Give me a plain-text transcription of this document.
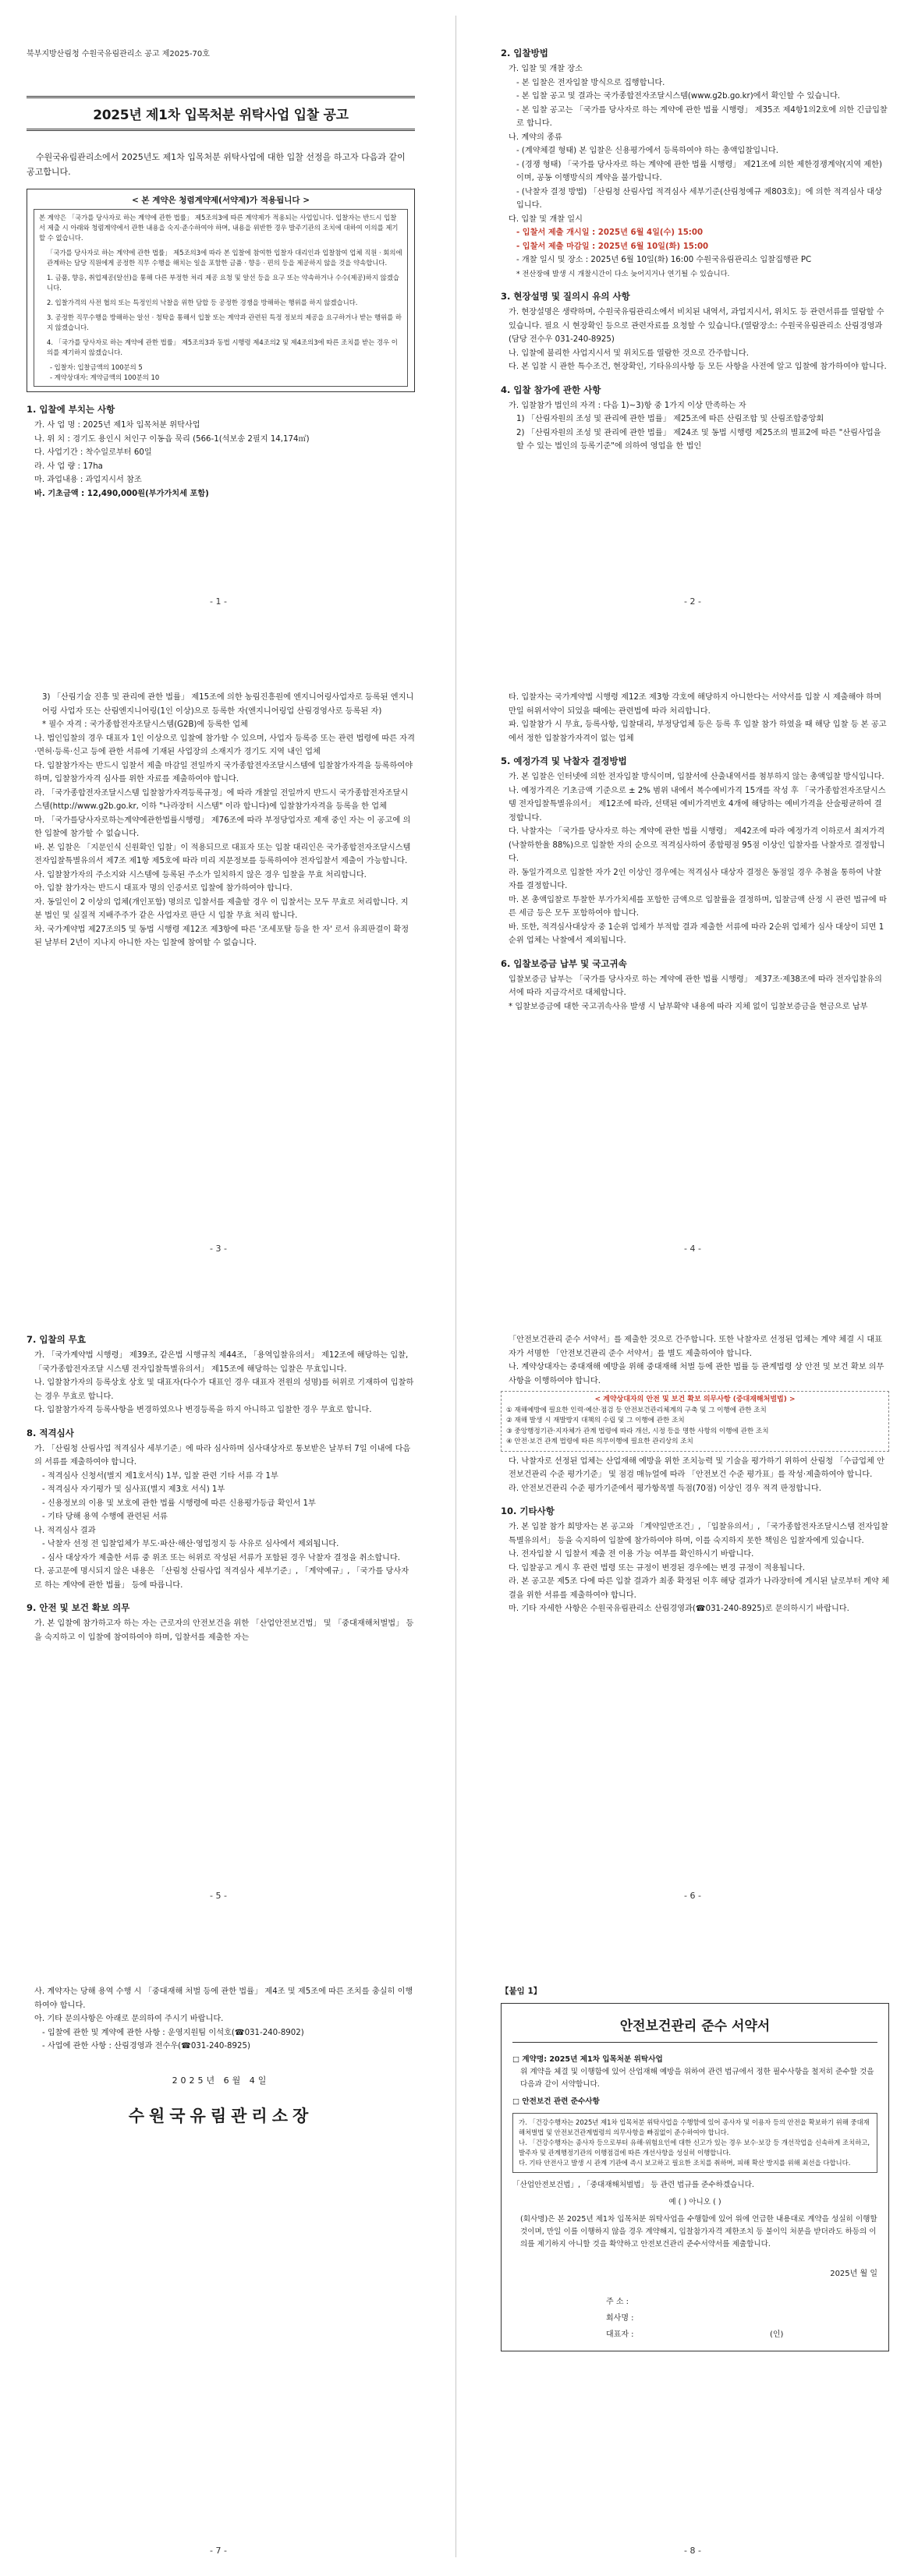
북부지방산림청 수원국유림관리소 공고 제2025-70호
2025년 제1차 입목처분 위탁사업 입찰 공고
수원국유림관리소에서 2025년도 제1차 입목처분 위탁사업에 대한 입찰 선정을 하고자 다음과 같이 공고합니다.
< 본 계약은 청렴계약제(서약제)가 적용됩니다 >
본 계약은 「국가를 당사자로 하는 계약에 관한 법률」 제5조의3에 따른 계약제가 적용되는 사업입니다. 입찰자는 반드시 입찰서 제출 시 아래와 청렴계약에서 관한 내용을 숙지·준수하여야 하며, 내용을 위반한 경우 발주기관의 조치에 대하여 이의를 제기할 수 없습니다.
「국가를 당사자로 하는 계약에 관한 법률」 제5조의3에 따라 본 입찰에 참여한 입찰자 대리인과 입찰참여 업체 직원 · 회의에 관계하는 담당 직원에게 공정한 직무 수행을 해치는 일을 포함한 금품 · 향응 · 편의 등을 제공하지 않을 것을 약속합니다.
1. 금품, 향응, 취업제공(알선)을 통해 다른 부정한 처리 제공 요청 및 알선 등을 요구 또는 약속하거나 수수(제공)하지 않겠습니다.
2. 입찰가격의 사전 협의 또는 특정인의 낙찰을 위한 담합 등 공정한 경쟁을 방해하는 행위를 하지 않겠습니다.
3. 공정한 직무수행을 방해하는 알선 · 청탁을 통해서 입찰 또는 계약과 관련된 특정 정보의 제공을 요구하거나 받는 행위를 하지 않겠습니다.
4. 「국가를 당사자로 하는 계약에 관한 법률」 제5조의3과 동법 시행령 제4조의2 및 제4조의3에 따른 조치를 받는 경우 이의를 제기하지 않겠습니다.
- 입찰자: 입찰금액의 100분의 5
- 계약상대자: 계약금액의 100분의 10
1. 입찰에 부치는 사항
가. 사 업 명 : 2025년 제1차 입목처분 위탁사업
나. 위 치 : 경기도 용인시 처인구 이동읍 묵리 (566-1(석보송 2필지 14,174㎡)
다. 사업기간 : 착수일로부터 60일
라. 사 업 량 : 17ha
마. 과업내용 : 과업지시서 참조
바. 기초금액 : 12,490,000원(부가가치세 포함)
- 1 -
2. 입찰방법
가. 입찰 및 개찰 장소
- 본 입찰은 전자입찰 방식으로 집행합니다.
- 본 입찰 공고 및 결과는 국가종합전자조달시스템(www.g2b.go.kr)에서 확인할 수 있습니다.
- 본 입찰 공고는 「국가를 당사자로 하는 계약에 관한 법률 시행령」 제35조 제4항1의2호에 의한 긴급입찰로 합니다.
나. 계약의 종류
- (계약체결 형태) 본 입찰은 신용평가에서 등록하여야 하는 총액입찰입니다.
- (경쟁 형태) 「국가를 당사자로 하는 계약에 관한 법률 시행령」 제21조에 의한 제한경쟁계약(지역 제한)이며, 공동 이행방식의 계약을 불가합니다.
- (낙찰자 결정 방법) 「산림청 산림사업 적격심사 세부기준(산림청예규 제803호)」에 의한 적격심사 대상입니다.
다. 입찰 및 개찰 일시
- 입찰서 제출 개시일 : 2025년 6월 4일(수) 15:00
- 입찰서 제출 마감일 : 2025년 6월 10일(화) 15:00
- 개찰 일시 및 장소 : 2025년 6월 10일(화) 16:00 수원국유림관리소 입찰집행관 PC
* 전산장애 발생 시 개찰시간이 다소 늦어지거나 연기될 수 있습니다.
3. 현장설명 및 질의시 유의 사항
가. 현장설명은 생략하며, 수원국유림관리소에서 비치된 내역서, 과업지시서, 위치도 등 관련서류를 열람할 수 있습니다. 필요 시 현장확인 등으로 관련자료를 요청할 수 있습니다.(열람장소: 수원국유림관리소 산림경영과(담당 전수우 031-240-8925)
나. 입찰에 불리한 사업지시서 및 위치도를 열람한 것으로 간주합니다.
다. 본 입찰 시 관한 특수조건, 현장확인, 기타유의사항 등 모든 사항을 사전에 알고 입찰에 참가하여야 합니다.
4. 입찰 참가에 관한 사항
가. 입찰참가 법인의 자격 : 다음 1)~3)항 중 1가지 이상 만족하는 자
1) 「산림자원의 조성 및 관리에 관한 법률」 제25조에 따른 산림조합 및 산림조합중앙회
2) 「산림자원의 조성 및 관리에 관한 법률」 제24조 및 동법 시행령 제25조의 별표2에 따른 "산림사업을 할 수 있는 법인의 등록기준"에 의하여 영업을 한 법인
- 2 -
3) 「산림기술 진흥 및 관리에 관한 법률」 제15조에 의한 농림진흥원에 엔지니어링사업자로 등록된 엔지니어링 사업자 또는 산림엔지니어링(1인 이상)으로 등록한 자(엔지니어링업 산림경영사로 등록된 자)
* 필수 자격 : 국가종합전자조달시스템(G2B)에 등록한 업체
나. 법인입찰의 경우 대표자 1인 이상으로 입찰에 참가할 수 있으며, 사업자 등록증 또는 관련 법령에 따른 자격·면허·등록·신고 등에 관한 서류에 기재된 사업장의 소재지가 경기도 지역 내인 업체
다. 입찰참가자는 반드시 입찰서 제출 마감일 전일까지 국가종합전자조달시스템에 입찰참가자격을 등록하여야 하며, 입찰참가자격 심사를 위한 자료를 제출하여야 합니다.
라. 「국가종합전자조달시스템 입찰참가자격등록규정」에 따라 개찰일 전일까지 반드시 국가종합전자조달시스템(http://www.g2b.go.kr, 이하 "나라장터 시스템" 이라 합니다)에 입찰참가자격을 등록을 한 업체
마. 「국가를당사자로하는계약에관한법률시행령」 제76조에 따라 부정당업자로 제재 중인 자는 이 공고에 의한 입찰에 참가할 수 없습니다.
바. 본 입찰은 「지문인식 신원확인 입찰」이 적용되므로 대표자 또는 입찰 대리인은 국가종합전자조달시스템 전자입찰특별유의서 제7조 제1항 제5호에 따라 미리 지문정보를 등록하여야 전자입찰서 제출이 가능합니다.
사. 입찰참가자의 주소지와 시스템에 등록된 주소가 일치하지 않은 경우 입찰을 무효 처리합니다.
아. 입찰 참가자는 반드시 대표자 명의 인증서로 입찰에 참가하여야 합니다.
자. 동일인이 2 이상의 업체(개인포함) 명의로 입찰서를 제출할 경우 이 입찰서는 모두 무효로 처리합니다. 지분 법인 및 실질적 지배주주가 같은 사업자로 판단 시 입찰 무효 처리 합니다.
차. 국가계약법 제27조의5 및 동법 시행령 제12조 제3항에 따른 '조세포탈 등을 한 자' 로서 유죄판결이 확정된 날부터 2년이 지나지 아니한 자는 입찰에 참여할 수 없습니다.
- 3 -
타. 입찰자는 국가계약법 시행령 제12조 제3항 각호에 해당하지 아니한다는 서약서를 입찰 시 제출해야 하며 만일 허위서약이 되었을 때에는 관련법에 따라 처리합니다.
파. 입찰참가 시 무효, 등록사항, 입찰대리, 부정당업체 등은 등록 후 입찰 참가 하였을 때 해당 입찰 등 본 공고에서 정한 입찰참가자격이 없는 업체
5. 예정가격 및 낙찰자 결정방법
가. 본 입찰은 인터넷에 의한 전자입찰 방식이며, 입찰서에 산출내역서를 첨부하지 않는 총액입찰 방식입니다.
나. 예정가격은 기초금액 기준으로 ± 2% 범위 내에서 복수예비가격 15개를 작성 후 「국가종합전자조달시스템 전자입찰특별유의서」 제12조에 따라, 선택된 예비가격번호 4개에 해당하는 예비가격을 산술평균하여 결정합니다.
다. 낙찰자는 「국가를 당사자로 하는 계약에 관한 법률 시행령」 제42조에 따라 예정가격 이하로서 최저가격(낙찰하한율 88%)으로 입찰한 자의 순으로 적격심사하여 종합평점 95점 이상인 입찰자를 낙찰자로 결정합니다.
라. 동일가격으로 입찰한 자가 2인 이상인 경우에는 적격심사 대상자 결정은 동점일 경우 추첨을 통하여 낙찰자를 결정합니다.
마. 본 총액입찰로 투찰한 부가가치세를 포함한 금액으로 입찰률을 결정하며, 입찰금액 산정 시 관련 법규에 따른 세금 등은 모두 포함하여야 합니다.
바. 또한, 적격심사대상자 중 1순위 업체가 부적합 결과 제출한 서류에 따라 2순위 업체가 심사 대상이 되면 1순위 업체는 낙찰에서 제외됩니다.
6. 입찰보증금 납부 및 국고귀속
입찰보증금 납부는 「국가를 당사자로 하는 계약에 관한 법률 시행령」 제37조·제38조에 따라 전자입찰유의서에 따라 지급각서로 대체합니다.
* 입찰보증금에 대한 국고귀속사유 발생 시 납부확약 내용에 따라 지체 없이 입찰보증금을 현금으로 납부
- 4 -
7. 입찰의 무효
가. 「국가계약법 시행령」 제39조, 같은법 시행규칙 제44조, 「용역입찰유의서」 제12조에 해당하는 입찰, 「국가종합전자조달 시스템 전자입찰특별유의서」 제15조에 해당하는 입찰은 무효입니다.
나. 입찰참가자의 등록상호 상호 및 대표자(다수가 대표인 경우 대표자 전원의 성명)를 허위로 기재하여 입찰하는 경우 무효로 합니다.
다. 입찰참가자격 등록사항을 변경하였으나 변경등록을 하지 아니하고 입찰한 경우 무효로 합니다.
8. 적격심사
가. 「산림청 산림사업 적격심사 세부기준」에 따라 심사하며 심사대상자로 통보받은 날부터 7일 이내에 다음의 서류를 제출하여야 합니다.
- 적격심사 신청서(별지 제1호서식) 1부, 입찰 관련 기타 서류 각 1부
- 적격심사 자기평가 및 심사표(별지 제3호 서식) 1부
- 신용정보의 이용 및 보호에 관한 법률 시행령에 따른 신용평가등급 확인서 1부
- 기타 당해 용역 수행에 관련된 서류
나. 적격심사 결과
- 낙찰자 선정 전 입찰업체가 부도·파산·해산·영업정지 등 사유로 심사에서 제외됩니다.
- 심사 대상자가 제출한 서류 중 위조 또는 허위로 작성된 서류가 포함된 경우 낙찰자 결정을 취소합니다.
다. 공고문에 명시되지 않은 내용은 「산림청 산림사업 적격심사 세부기준」, 「계약예규」, 「국가를 당사자로 하는 계약에 관한 법률」 등에 따릅니다.
9. 안전 및 보건 확보 의무
가. 본 입찰에 참가하고자 하는 자는 근로자의 안전보건을 위한 「산업안전보건법」 및 「중대재해처벌법」 등을 숙지하고 이 입찰에 참여하여야 하며, 입찰서를 제출한 자는
- 5 -
「안전보건관리 준수 서약서」를 제출한 것으로 간주합니다. 또한 낙찰자로 선정된 업체는 계약 체결 시 대표자가 서명한 「안전보건관리 준수 서약서」를 별도 제출하여야 합니다.
나. 계약상대자는 중대재해 예방을 위해 중대재해 처벌 등에 관한 법률 등 관계법령 상 안전 및 보건 확보 의무사항을 이행하여야 합니다.
< 계약상대자의 안전 및 보건 확보 의무사항 (중대재해처벌법) >
① 재해예방에 필요한 인력·예산·점검 등 안전보건관리체계의 구축 및 그 이행에 관한 조치
② 재해 발생 시 재발방지 대책의 수립 및 그 이행에 관한 조치
③ 중앙행정기관·지자체가 관계 법령에 따라 개선, 시정 등을 명한 사항의 이행에 관한 조치
④ 안전·보건 관계 법령에 따른 의무이행에 필요한 관리상의 조치
다. 낙찰자로 선정된 업체는 산업재해 예방을 위한 조치능력 및 기술을 평가하기 위하여 산림청 「수급업체 안전보건관리 수준 평가기준」 및 점검 매뉴얼에 따라 「안전보건 수준 평가표」를 작성·제출하여야 합니다.
라. 안전보건관리 수준 평가기준에서 평가항목별 득점(70점) 이상인 경우 적격 판정합니다.
10. 기타사항
가. 본 입찰 참가 희망자는 본 공고와 「계약일반조건」, 「입찰유의서」, 「국가종합전자조달시스템 전자입찰특별유의서」 등을 숙지하여 입찰에 참가하여야 하며, 이를 숙지하지 못한 책임은 입찰자에게 있습니다.
나. 전자입찰 시 입찰서 제출 전 이용 가능 여부를 확인하시기 바랍니다.
다. 입찰공고 게시 후 관련 법령 또는 규정이 변경된 경우에는 변경 규정이 적용됩니다.
라. 본 공고문 제5조 다에 따른 입찰 결과가 최종 확정된 이후 해당 결과가 나라장터에 게시된 날로부터 계약 체결을 위한 서류를 제출하여야 합니다.
마. 기타 자세한 사항은 수원국유림관리소 산림경영과(☎031-240-8925)로 문의하시기 바랍니다.
- 6 -
사. 계약자는 당해 용역 수행 시 「중대재해 처벌 등에 관한 법률」 제4조 및 제5조에 따른 조치를 충실히 이행하여야 합니다.
아. 기타 문의사항은 아래로 문의하여 주시기 바랍니다.
- 입찰에 관한 및 계약에 관한 사항 : 운영지원팀 이석호(☎031-240-8902)
- 사업에 관한 사항 : 산림경영과 전수우(☎031-240-8925)
2025년 6월 4일
수원국유림관리소장
- 7 -
【붙임 1】
안전보건관리 준수 서약서
□ 계약명: 2025년 제1차 입목처분 위탁사업
위 계약을 체결 및 이행함에 있어 산업재해 예방을 위하여 관련 법규에서 정한 필수사항을 철저히 준수할 것을 다음과 같이 서약합니다.
□ 안전보건 관련 준수사항
가. 「건강수행자는 2025년 제1차 입목처분 위탁사업을 수행함에 있어 종사자 및 이용자 등의 안전을 확보하기 위해 중대재해처벌법 및 안전보건관계법령의 의무사항을 빠짐없이 준수하여야 합니다.
나. 「건강수행자는 종사자 등으로부터 유해·위험요인에 대한 신고가 있는 경우 보수·보강 등 개선작업을 신속하게 조치하고, 발주자 및 관계행정기관의 이행점검에 따른 개선사항을 성실히 이행합니다.
다. 기타 안전사고 발생 시 관계 기관에 즉시 보고하고 필요한 조치를 취하며, 피해 확산 방지를 위해 최선을 다합니다.
「산업안전보건법」, 「중대재해처벌법」 등 관련 법규를 준수하겠습니다.
예 ( ) 아니오 ( )
(회사명)은 본 2025년 제1차 입목처분 위탁사업을 수행함에 있어 위에 언급한 내용대로 계약을 성실히 이행할 것이며, 만일 이를 이행하지 않을 경우 계약해지, 입찰참가자격 제한조치 등 불이익 처분을 받더라도 하등의 이의를 제기하지 아니할 것을 확약하고 안전보건관리 준수서약서를 제출합니다.
2025년 월 일
주 소 :
회사명 :
대표자 :	(인)
- 8 -
